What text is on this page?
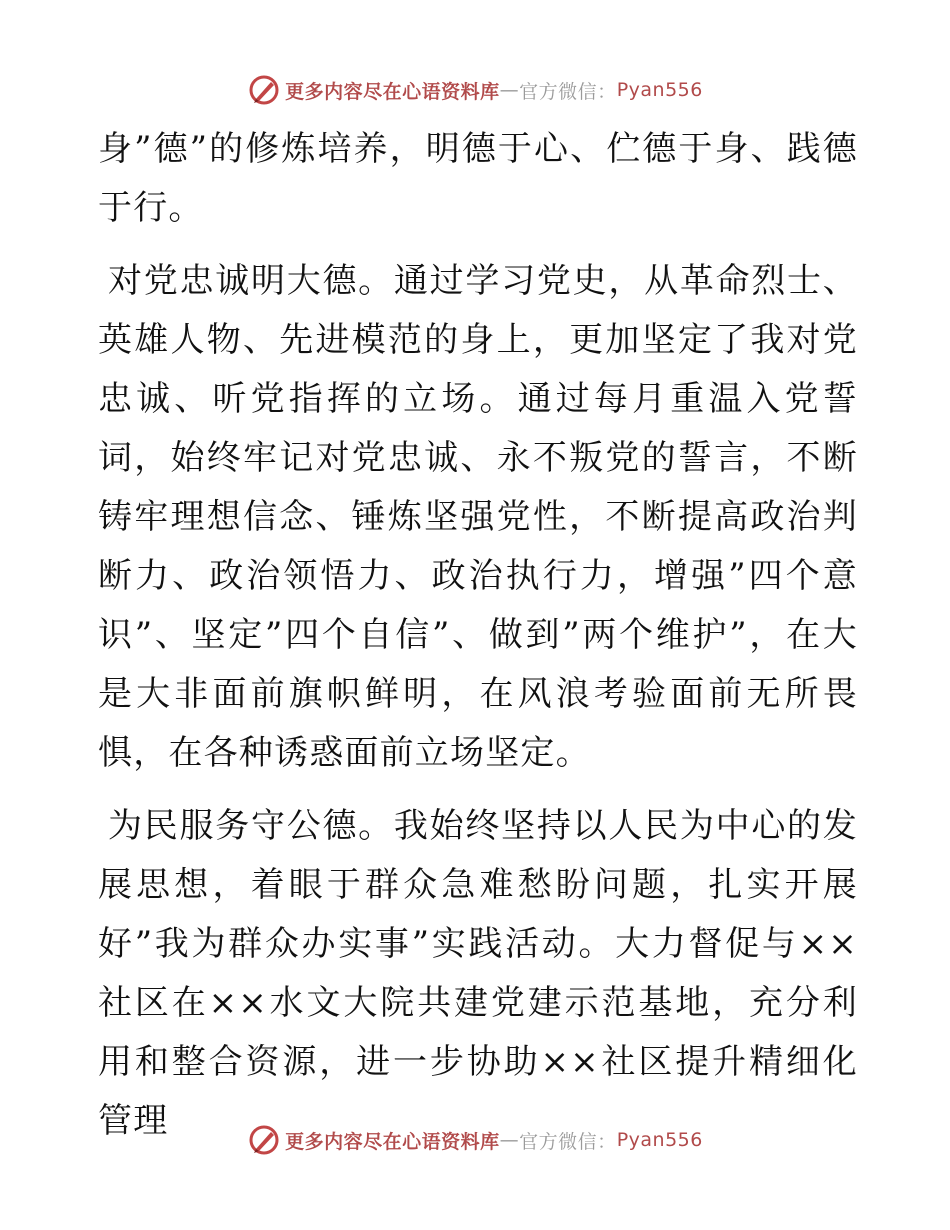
更多内容尽在心语资料库 — 官方微信： Pyan556

身”德”的修炼培养，明德于心、伫德于身、践德于行。

对党忠诚明大德。通过学习党史，从革命烈士、英雄人物、先进模范的身上，更加坚定了我对党忠诚、听党指挥的立场。通过每月重温入党誓词，始终牢记对党忠诚、永不叛党的誓言，不断铸牢理想信念、锤炼坚强党性，不断提高政治判断力、政治领悟力、政治执行力，增强”四个意识”、坚定”四个自信”、做到”两个维护”，在大是大非面前旗帜鲜明，在风浪考验面前无所畏惧，在各种诱惑面前立场坚定。

为民服务守公德。我始终坚持以人民为中心的发展思想，着眼于群众急难愁盼问题，扎实开展好”我为群众办实事”实践活动。大力督促与××社区在××水文大院共建党建示范基地，充分利用和整合资源，进一步协助××社区提升精细化管理

更多内容尽在心语资料库 — 官方微信： Pyan556
